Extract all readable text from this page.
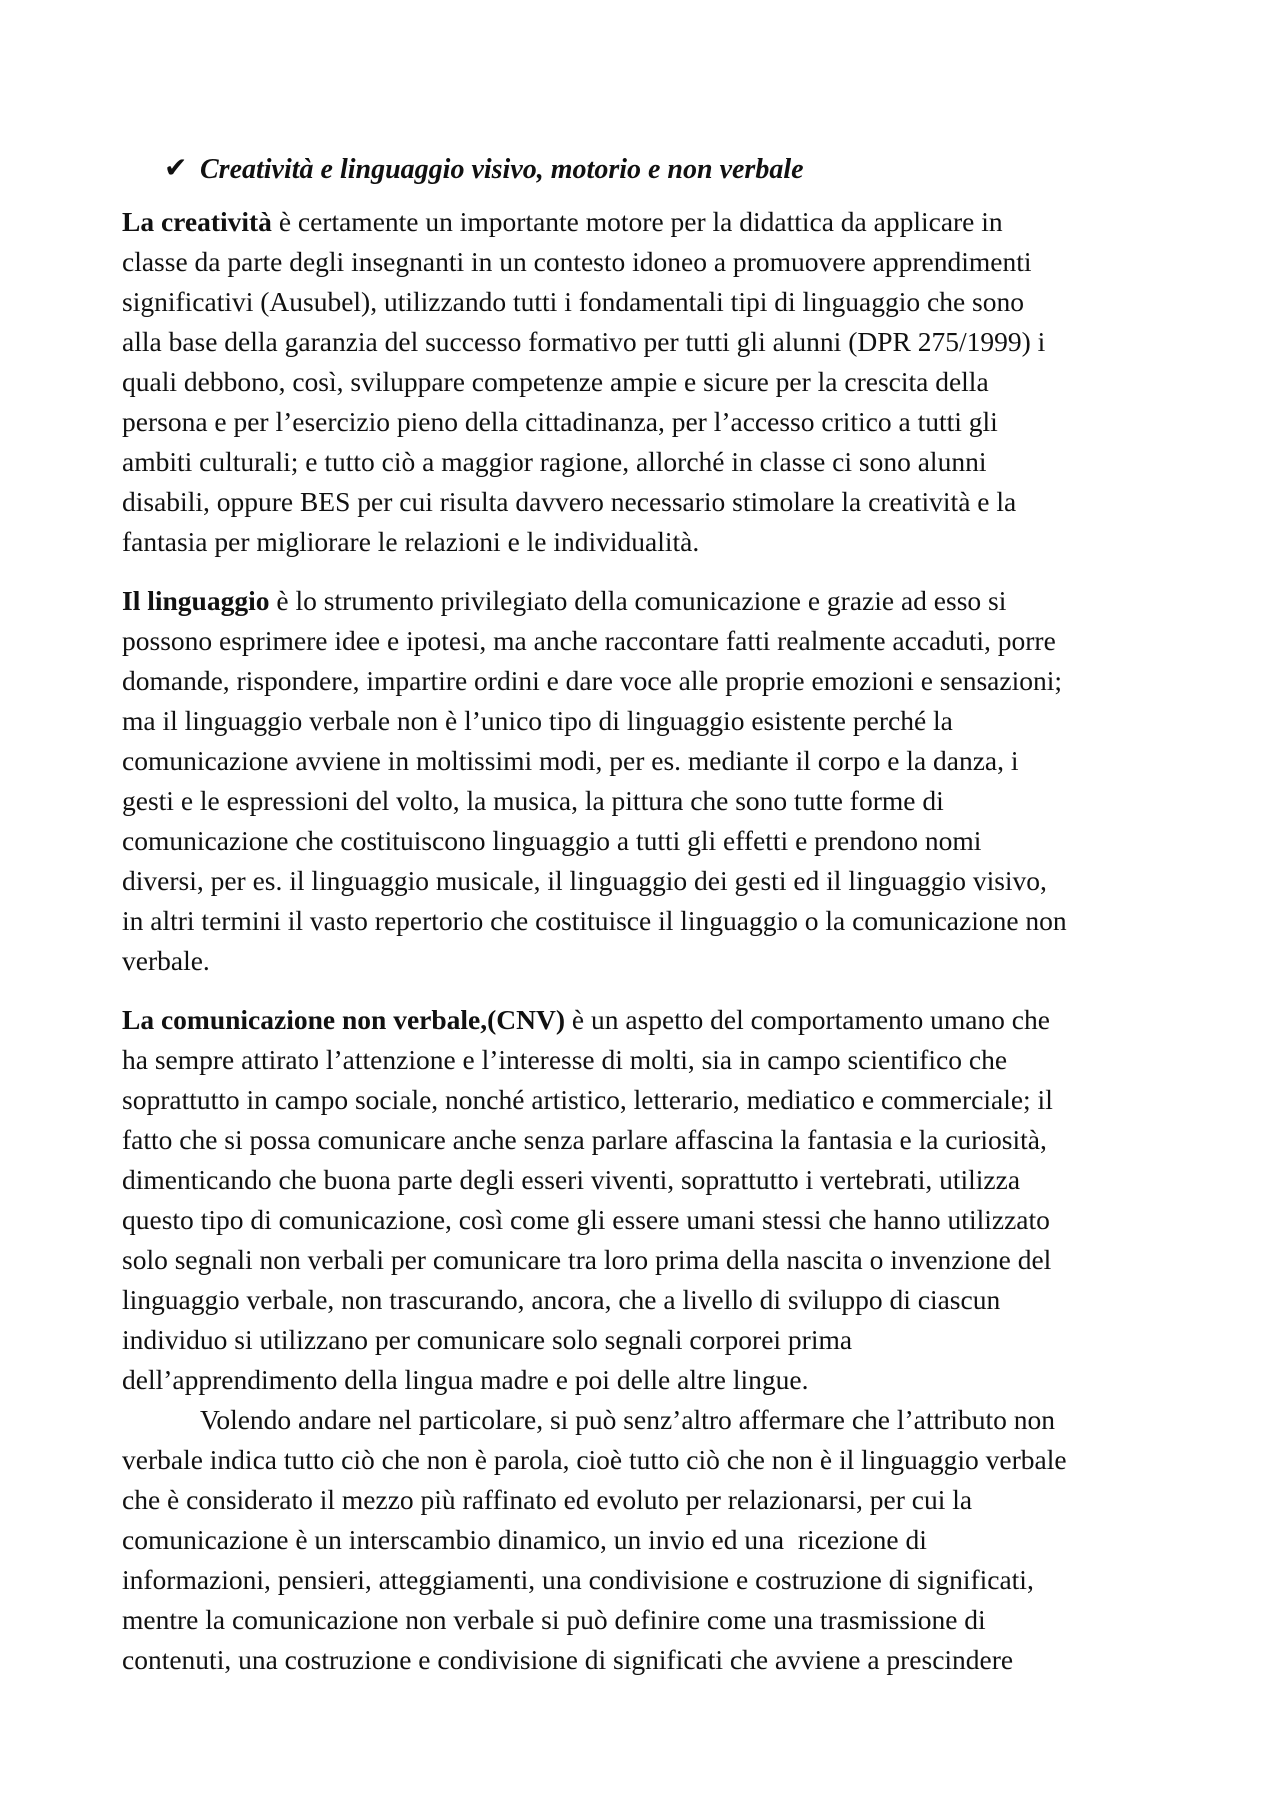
✔ Creatività e linguaggio visivo, motorio e non verbale

La creatività è certamente un importante motore per la didattica da applicare in
classe da parte degli insegnanti in un contesto idoneo a promuovere apprendimenti
significativi (Ausubel), utilizzando tutti i fondamentali tipi di linguaggio che sono
alla base della garanzia del successo formativo per tutti gli alunni (DPR 275/1999) i
quali debbono, così, sviluppare competenze ampie e sicure per la crescita della
persona e per l’esercizio pieno della cittadinanza, per l’accesso critico a tutti gli
ambiti culturali; e tutto ciò a maggior ragione, allorché in classe ci sono alunni
disabili, oppure BES per cui risulta davvero necessario stimolare la creatività e la
fantasia per migliorare le relazioni e le individualità.

Il linguaggio è lo strumento privilegiato della comunicazione e grazie ad esso si
possono esprimere idee e ipotesi, ma anche raccontare fatti realmente accaduti, porre
domande, rispondere, impartire ordini e dare voce alle proprie emozioni e sensazioni;
ma il linguaggio verbale non è l’unico tipo di linguaggio esistente perché la
comunicazione avviene in moltissimi modi, per es. mediante il corpo e la danza, i
gesti e le espressioni del volto, la musica, la pittura che sono tutte forme di
comunicazione che costituiscono linguaggio a tutti gli effetti e prendono nomi
diversi, per es. il linguaggio musicale, il linguaggio dei gesti ed il linguaggio visivo,
in altri termini il vasto repertorio che costituisce il linguaggio o la comunicazione non
verbale.

La comunicazione non verbale,(CNV) è un aspetto del comportamento umano che
ha sempre attirato l’attenzione e l’interesse di molti, sia in campo scientifico che
soprattutto in campo sociale, nonché artistico, letterario, mediatico e commerciale; il
fatto che si possa comunicare anche senza parlare affascina la fantasia e la curiosità,
dimenticando che buona parte degli esseri viventi, soprattutto i vertebrati, utilizza
questo tipo di comunicazione, così come gli essere umani stessi che hanno utilizzato
solo segnali non verbali per comunicare tra loro prima della nascita o invenzione del
linguaggio verbale, non trascurando, ancora, che a livello di sviluppo di ciascun
individuo si utilizzano per comunicare solo segnali corporei prima
dell’apprendimento della lingua madre e poi delle altre lingue.

Volendo andare nel particolare, si può senz’altro affermare che l’attributo non
verbale indica tutto ciò che non è parola, cioè tutto ciò che non è il linguaggio verbale
che è considerato il mezzo più raffinato ed evoluto per relazionarsi, per cui la
comunicazione è un interscambio dinamico, un invio ed una  ricezione di
informazioni, pensieri, atteggiamenti, una condivisione e costruzione di significati,
mentre la comunicazione non verbale si può definire come una trasmissione di
contenuti, una costruzione e condivisione di significati che avviene a prescindere
